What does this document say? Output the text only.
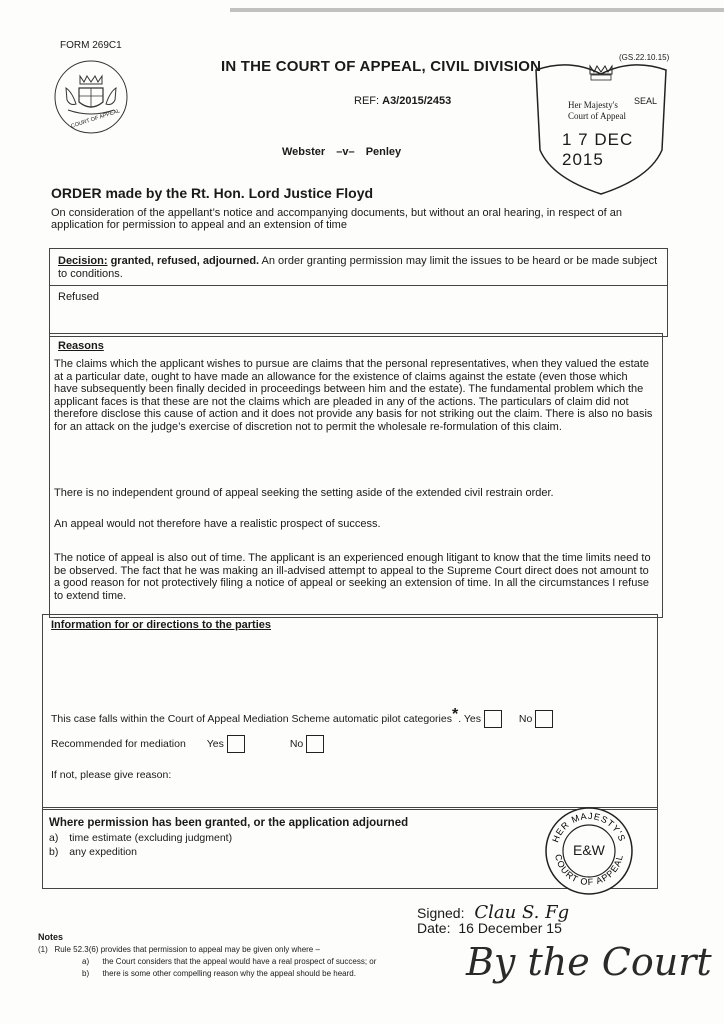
FORM 269C1
(GS.22.10.15)
COURT OF APPEAL
IN THE COURT OF APPEAL, CIVIL DIVISION
REF: A3/2015/2453
Webster –v– Penley
Her Majesty's SEAL
Court of Appeal
1 7 DEC 2015
ORDER made by the Rt. Hon. Lord Justice Floyd
On consideration of the appellant’s notice and accompanying documents, but without an oral hearing, in respect of an application for permission to appeal and an extension of time
Decision: granted, refused, adjourned. An order granting permission may limit the issues to be heard or be made subject to conditions.
Refused
Reasons
The claims which the applicant wishes to pursue are claims that the personal representatives, when they valued the estate at a particular date, ought to have made an allowance for the existence of claims against the estate (even those which have subsequently been finally decided in proceedings between him and the estate). The fundamental problem which the applicant faces is that these are not the claims which are pleaded in any of the actions. The particulars of claim did not therefore disclose this cause of action and it does not provide any basis for not striking out the claim. There is also no basis for an attack on the judge’s exercise of discretion not to permit the wholesale re-formulation of this claim.
There is no independent ground of appeal seeking the setting aside of the extended civil restrain order.
An appeal would not therefore have a realistic prospect of success.
The notice of appeal is also out of time. The applicant is an experienced enough litigant to know that the time limits need to be observed. The fact that he was making an ill-advised attempt to appeal to the Supreme Court direct does not amount to a good reason for not protectively filing a notice of appeal or seeking an extension of time. In all the circumstances I refuse to extend time.
Information for or directions to the parties
This case falls within the Court of Appeal Mediation Scheme automatic pilot categories*. Yes	No
Recommended for mediation Yes	No
If not, please give reason:
Where permission has been granted, or the application adjourned
a) time estimate (excluding judgment)
b) any expedition
HER MAJESTY'S
COURT OF APPEAL
E&W
Signed: Clau S. Fg
Date: 16 December 15
By the Court
Notes
(1)   Rule 52.3(6) provides that permission to appeal may be given only where –
a)      the Court considers that the appeal would have a real prospect of success; or
b)      there is some other compelling reason why the appeal should be heard.
